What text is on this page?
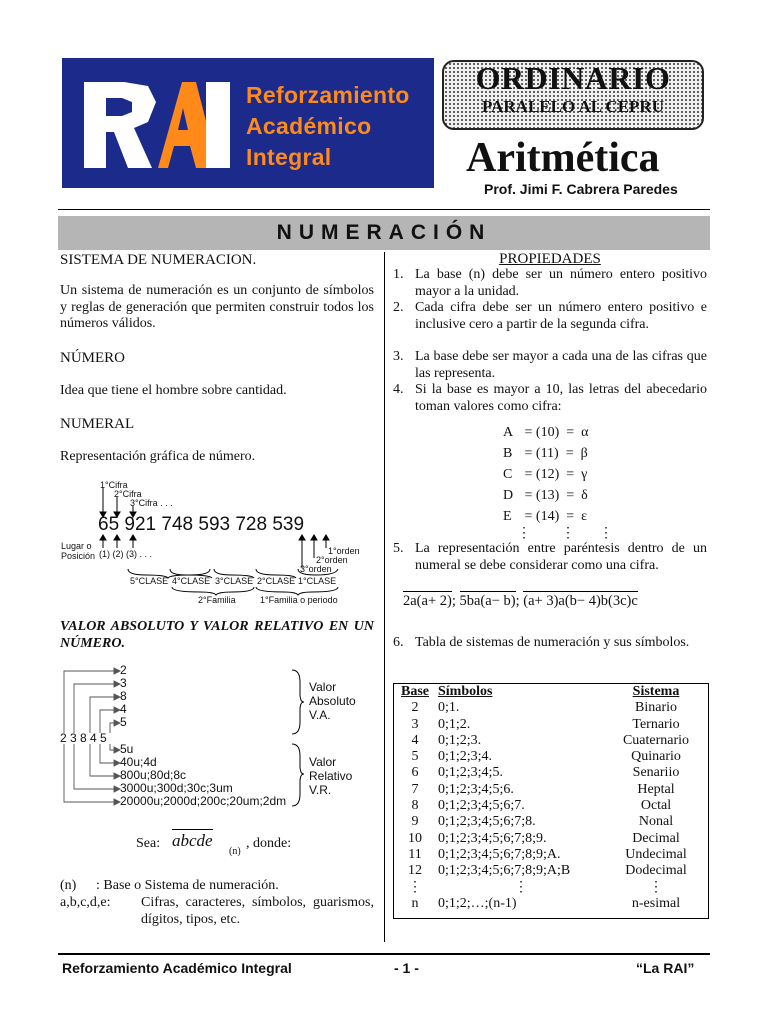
Reforzamiento
Académico
Integral
ORDINARIO
PARALELO AL CEPRU
Aritmética
Prof. Jimi F. Cabrera Paredes
NUMERACIÓN
SISTEMA DE NUMERACION.
Un sistema de numeración es un conjunto de símbolos y reglas de generación que permiten construir todos los números válidos.
NÚMERO
Idea que tiene el hombre sobre cantidad.
NUMERAL
Representación gráfica de número.
1°Cifra
2°Cifra
3°Cifra . . .
65 921 748 593 728 539
Lugar o
Posición (1) (2) (3) . . .	1°orden
2°orden
3°orden
5°CLASE 4°CLASE 3°CLASE 2°CLASE 1°CLASE
2°Familia	1°Familia o periodo
VALOR ABSOLUTO Y VALOR RELATIVO EN UN NÚMERO.
2
3
8
4
5
2 3 8 4 5
5u
40u;4d
800u;80d;8c
3000u;300d;30c;3um
20000u;2000d;200c;20um;2dm
Valor
Absoluto
V.A.
Valor
Relativo
V.R.
Sea: abcde
(n)
, donde:
(n) : Base o Sistema de numeración.
a,b,c,d,e: Cifras, caracteres, símbolos, guarismos, dígitos, tipos, etc.
PROPIEDADES
1. La base (n) debe ser un número entero positivo mayor a la unidad.
2. Cada cifra debe ser un número entero positivo e inclusive cero a partir de la segunda cifra.
3. La base debe ser mayor a cada una de las cifras que las representa.
4. Si la base es mayor a 10, las letras del abecedario toman valores como cifra:
A = (10)  =  α
B = (11)  =  β
C = (12)  =  γ
D = (13)  =  δ
E = (14)  =  ε
⋮ ⋮ ⋮
5. La representación entre paréntesis dentro de un numeral se debe considerar como una cifra.
2a(a+ 2); 5ba(a− b); (a+ 3)a(b− 4)b(3c)c
6. Tabla de sistemas de numeración y sus símbolos.
Base	Símbolos	Sistema
2	0;1.	Binario
3	0;1;2.	Ternario
4	0;1;2;3.	Cuaternario
5	0;1;2;3;4.	Quinario
6	0;1;2;3;4;5.	Senariio
7	0;1;2;3;4;5;6.	Heptal
8	0;1;2;3;4;5;6;7.	Octal
9	0;1;2;3;4;5;6;7;8.	Nonal
10	0;1;2;3;4;5;6;7;8;9.	Decimal
11	0;1;2;3;4;5;6;7;8;9;A.	Undecimal
12	0;1;2;3;4;5;6;7;8;9;A;B	Dodecimal
⋮	⋮	⋮
n	0;1;2;…;(n-1)	n-esimal
Reforzamiento Académico Integral	- 1 -	“La RAI”
